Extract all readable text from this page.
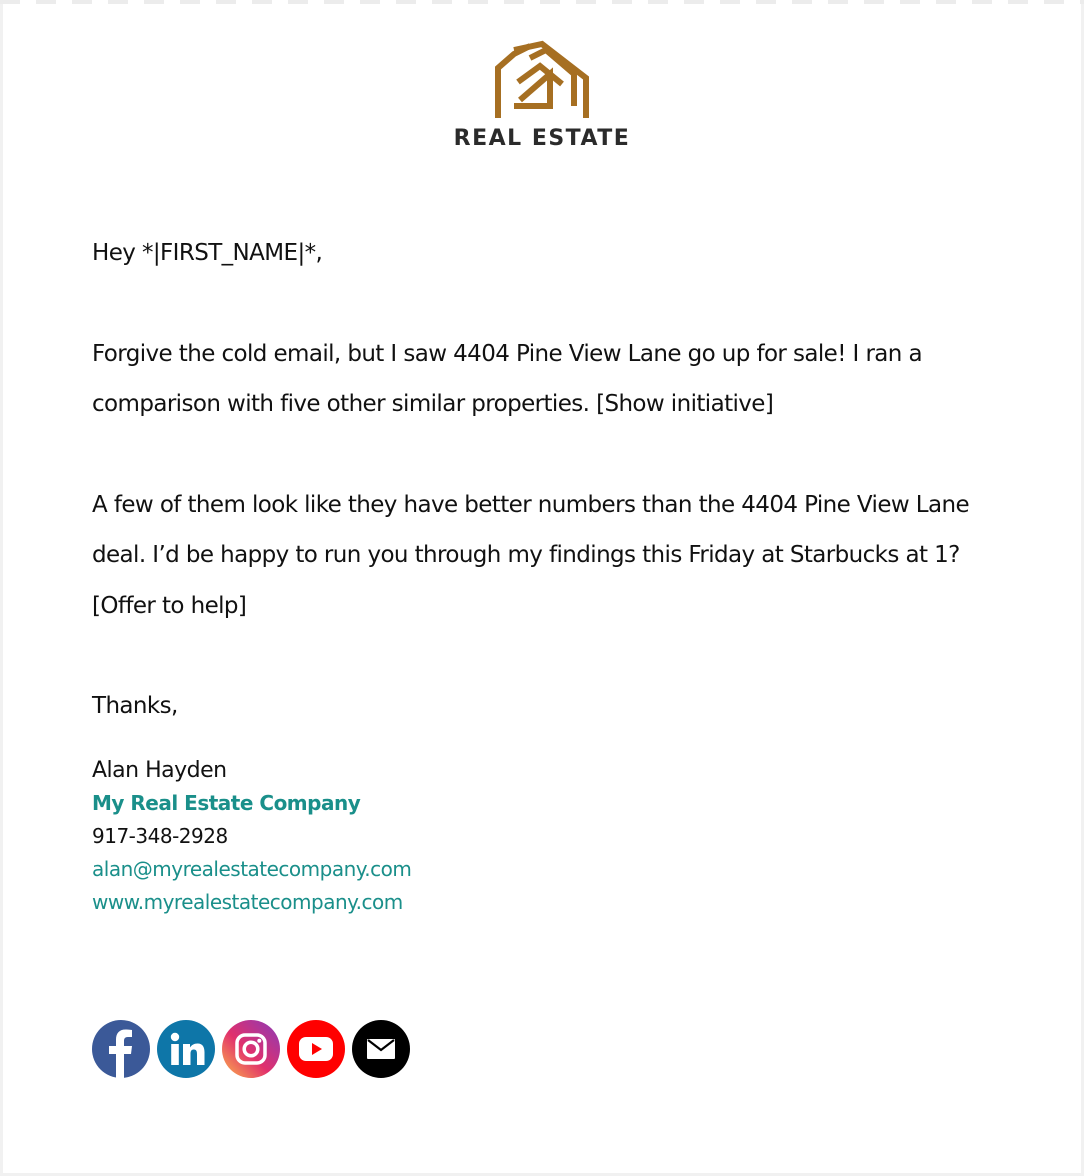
REAL ESTATE

Hey *|FIRST_NAME|*,

Forgive the cold email, but I saw 4404 Pine View Lane go up for sale! I ran a comparison with five other similar properties. [Show initiative]

A few of them look like they have better numbers than the 4404 Pine View Lane deal. I’d be happy to run you through my findings this Friday at Starbucks at 1? [Offer to help]

Thanks,

Alan Hayden

My Real Estate Company

917-348-2928

alan@myrealestatecompany.com
www.myrealestatecompany.com
